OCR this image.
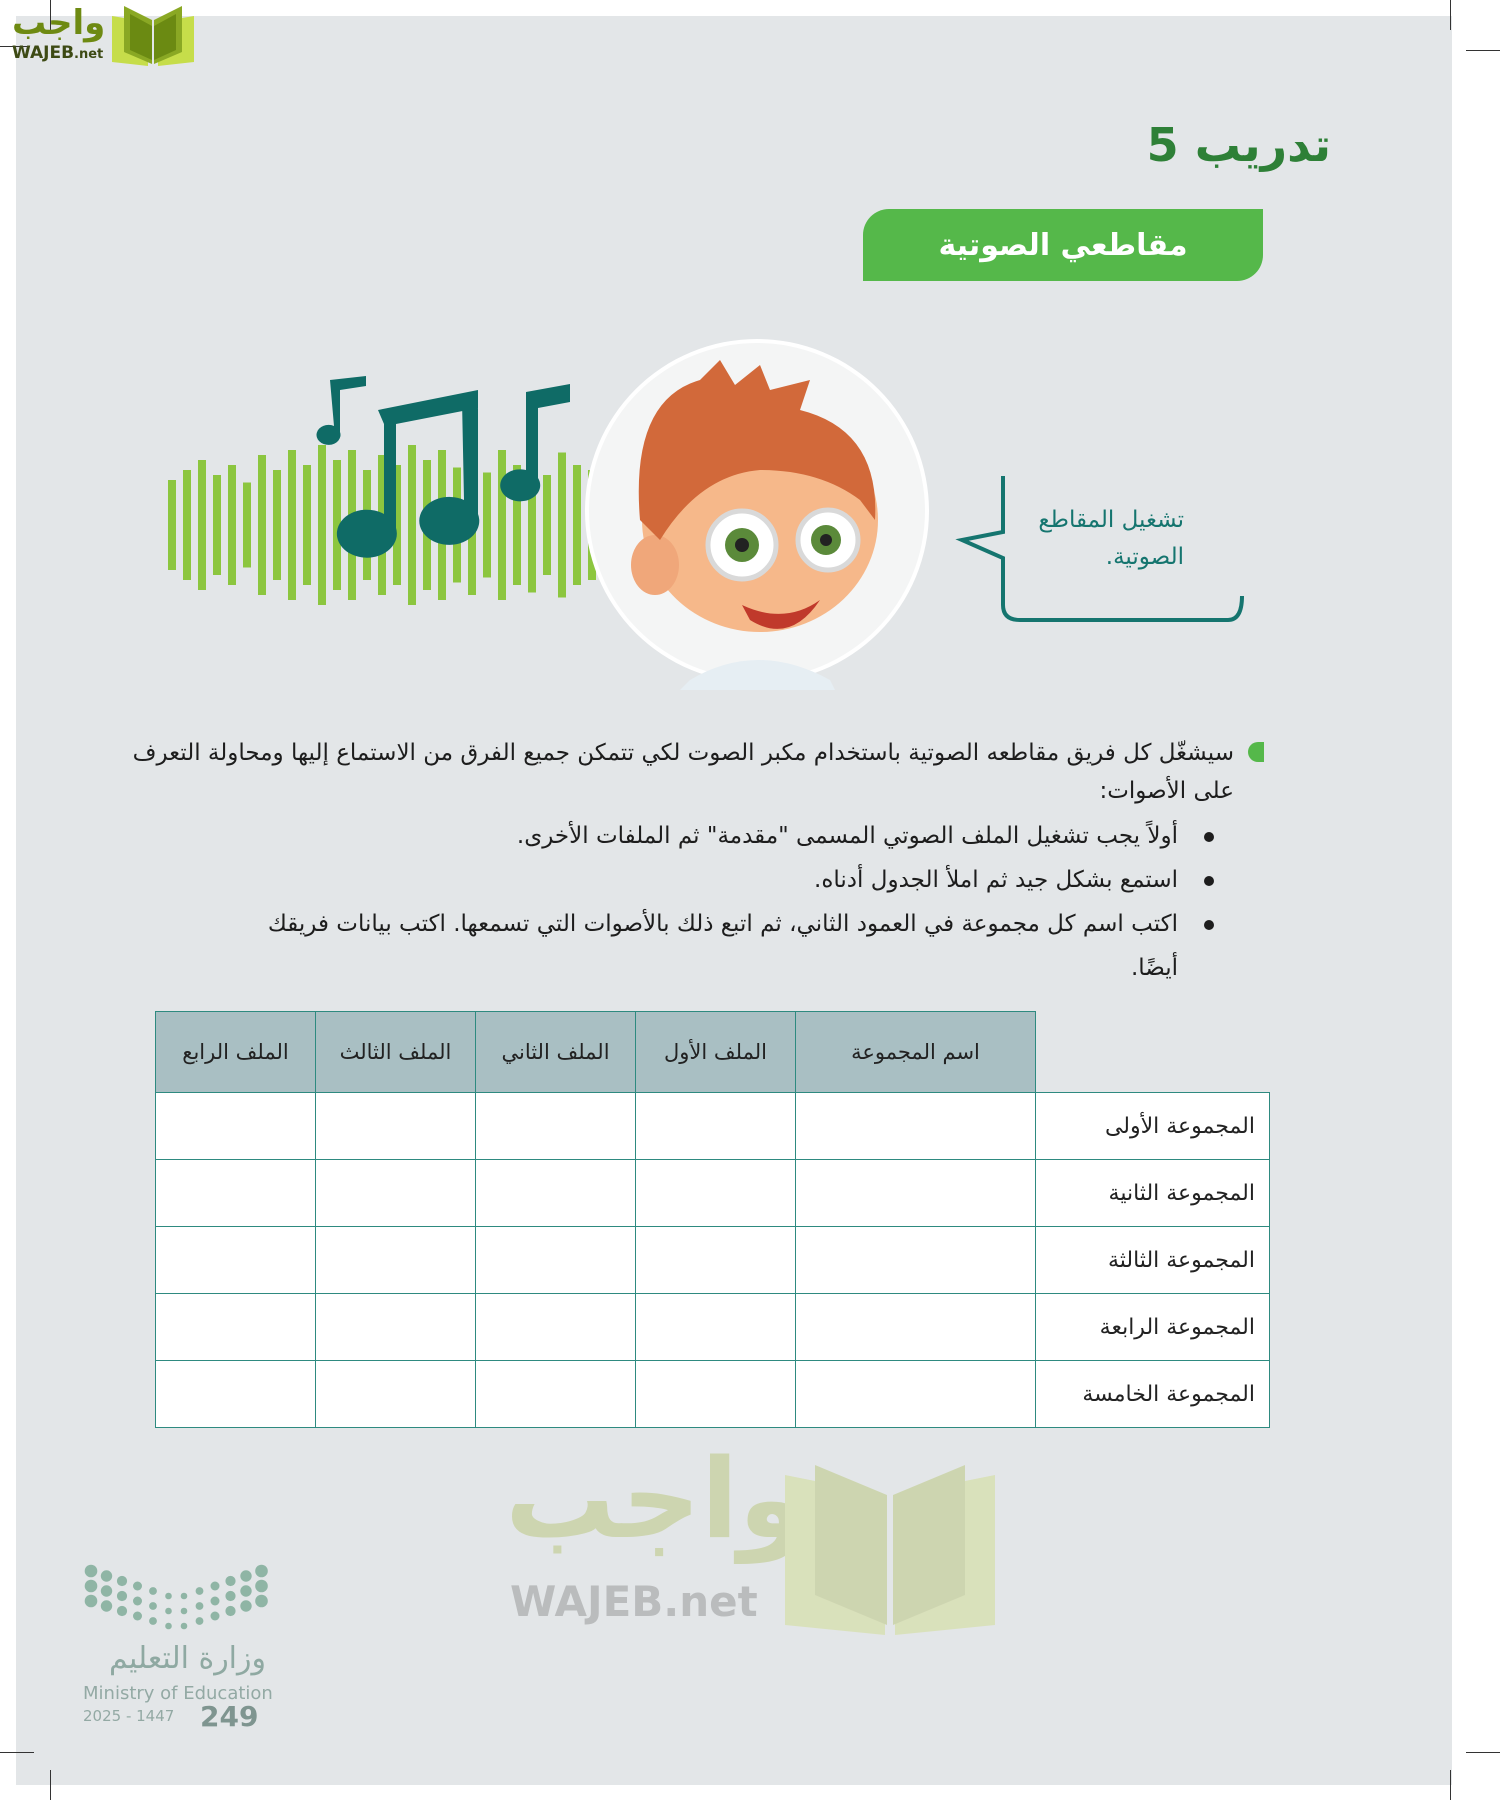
واجب
WAJEB.net
تدريب 5
مقاطعي الصوتية
تشغيل المقاطع الصوتية.
واجب
WAJEB.net
سيشغّل كل فريق مقاطعه الصوتية باستخدام مكبر الصوت لكي تتمكن جميع الفرق من الاستماع إليها ومحاولة التعرف على الأصوات:
أولاً يجب تشغيل الملف الصوتي المسمى "مقدمة" ثم الملفات الأخرى.
استمع بشكل جيد ثم املأ الجدول أدناه.
اكتب اسم كل مجموعة في العمود الثاني، ثم اتبع ذلك بالأصوات التي تسمعها. اكتب بيانات فريقك أيضًا.
	اسم المجموعة	الملف الأول	الملف الثاني	الملف الثالث	الملف الرابع
المجموعة الأولى					
المجموعة الثانية					
المجموعة الثالثة					
المجموعة الرابعة					
المجموعة الخامسة					
وزارة التعليم
Ministry of Education
2025 - 1447 249
